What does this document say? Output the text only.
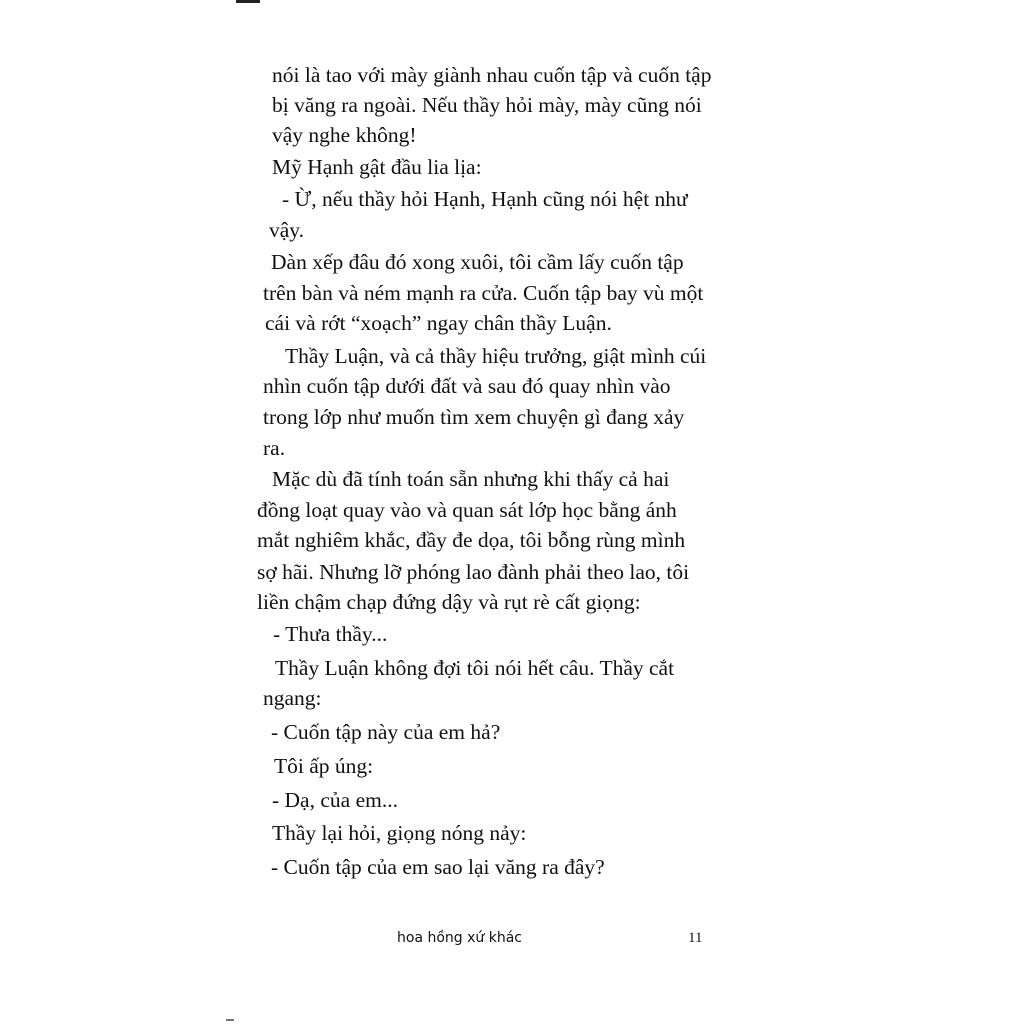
nói là tao với mày giành nhau cuốn tập và cuốn tập
bị văng ra ngoài. Nếu thầy hỏi mày, mày cũng nói
vậy nghe không!
Mỹ Hạnh gật đầu lia lịa:
- Ừ, nếu thầy hỏi Hạnh, Hạnh cũng nói hệt như
vậy.
Dàn xếp đâu đó xong xuôi, tôi cầm lấy cuốn tập
trên bàn và ném mạnh ra cửa. Cuốn tập bay vù một
cái và rớt “xoạch” ngay chân thầy Luận.
Thầy Luận, và cả thầy hiệu trưởng, giật mình cúi
nhìn cuốn tập dưới đất và sau đó quay nhìn vào
trong lớp như muốn tìm xem chuyện gì đang xảy
ra.
Mặc dù đã tính toán sẵn nhưng khi thấy cả hai
đồng loạt quay vào và quan sát lớp học bằng ánh
mắt nghiêm khắc, đầy đe dọa, tôi bỗng rùng mình
sợ hãi. Nhưng lỡ phóng lao đành phải theo lao, tôi
liền chậm chạp đứng dậy và rụt rè cất giọng:
- Thưa thầy...
Thầy Luận không đợi tôi nói hết câu. Thầy cắt
ngang:
- Cuốn tập này của em hả?
Tôi ấp úng:
- Dạ, của em...
Thầy lại hỏi, giọng nóng nảy:
- Cuốn tập của em sao lại văng ra đây?
hoa hồng xứ khác	11
